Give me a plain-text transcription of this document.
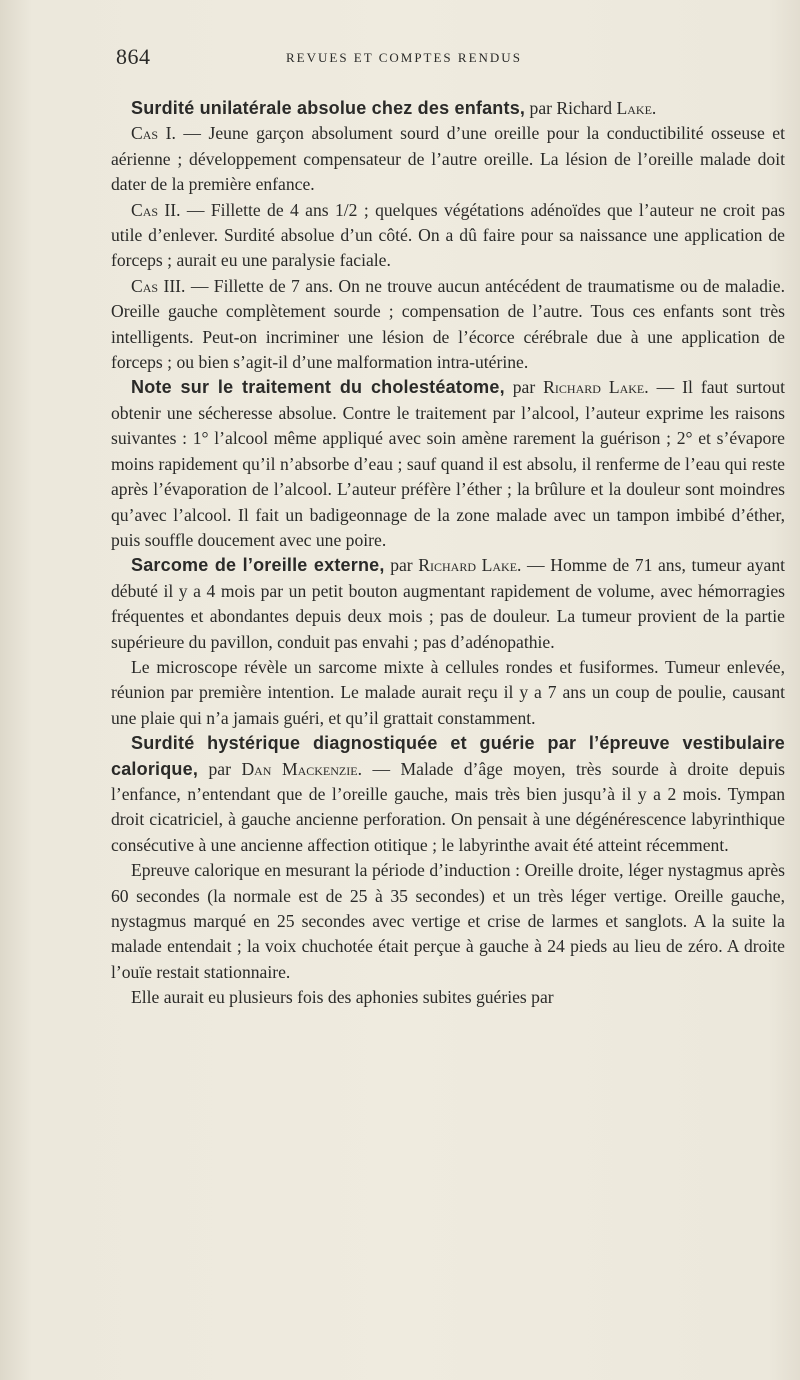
864	REVUES ET COMPTES RENDUS

Surdité unilatérale absolue chez des enfants, par Richard Lake.

Cas I. — Jeune garçon absolument sourd d’une oreille pour la conductibilité osseuse et aérienne ; développement compensateur de l’autre oreille. La lésion de l’oreille malade doit dater de la première enfance.

Cas II. — Fillette de 4 ans 1/2 ; quelques végétations adénoïdes que l’auteur ne croit pas utile d’enlever. Surdité absolue d’un côté. On a dû faire pour sa naissance une application de forceps ; aurait eu une paralysie faciale.

Cas III. — Fillette de 7 ans. On ne trouve aucun antécédent de traumatisme ou de maladie. Oreille gauche complètement sourde ; compensation de l’autre. Tous ces enfants sont très intelligents. Peut-on incriminer une lésion de l’écorce cérébrale due à une application de forceps ; ou bien s’agit-il d’une malformation intra-utérine.

Note sur le traitement du cholestéatome, par Richard Lake. — Il faut surtout obtenir une sécheresse absolue. Contre le traitement par l’alcool, l’auteur exprime les raisons suivantes : 1° l’alcool même appliqué avec soin amène rarement la guérison ; 2° et s’évapore moins rapidement qu’il n’absorbe d’eau ; sauf quand il est absolu, il renferme de l’eau qui reste après l’évaporation de l’alcool. L’auteur préfère l’éther ; la brûlure et la douleur sont moindres qu’avec l’alcool. Il fait un badigeonnage de la zone malade avec un tampon imbibé d’éther, puis souffle doucement avec une poire.

Sarcome de l’oreille externe, par Richard Lake. — Homme de 71 ans, tumeur ayant débuté il y a 4 mois par un petit bouton augmentant rapidement de volume, avec hémorragies fréquentes et abondantes depuis deux mois ; pas de douleur. La tumeur provient de la partie supérieure du pavillon, conduit pas envahi ; pas d’adénopathie.

Le microscope révèle un sarcome mixte à cellules rondes et fusiformes. Tumeur enlevée, réunion par première intention. Le malade aurait reçu il y a 7 ans un coup de poulie, causant une plaie qui n’a jamais guéri, et qu’il grattait constamment.

Surdité hystérique diagnostiquée et guérie par l’épreuve vestibulaire calorique, par Dan Mackenzie. — Malade d’âge moyen, très sourde à droite depuis l’enfance, n’entendant que de l’oreille gauche, mais très bien jusqu’à il y a 2 mois. Tympan droit cicatriciel, à gauche ancienne perforation. On pensait à une dégénérescence labyrinthique consécutive à une ancienne affection otitique ; le labyrinthe avait été atteint récemment.

Epreuve calorique en mesurant la période d’induction : Oreille droite, léger nystagmus après 60 secondes (la normale est de 25 à 35 secondes) et un très léger vertige. Oreille gauche, nystagmus marqué en 25 secondes avec vertige et crise de larmes et sanglots. A la suite la malade entendait ; la voix chuchotée était perçue à gauche à 24 pieds au lieu de zéro. A droite l’ouïe restait stationnaire.

Elle aurait eu plusieurs fois des aphonies subites guéries par
